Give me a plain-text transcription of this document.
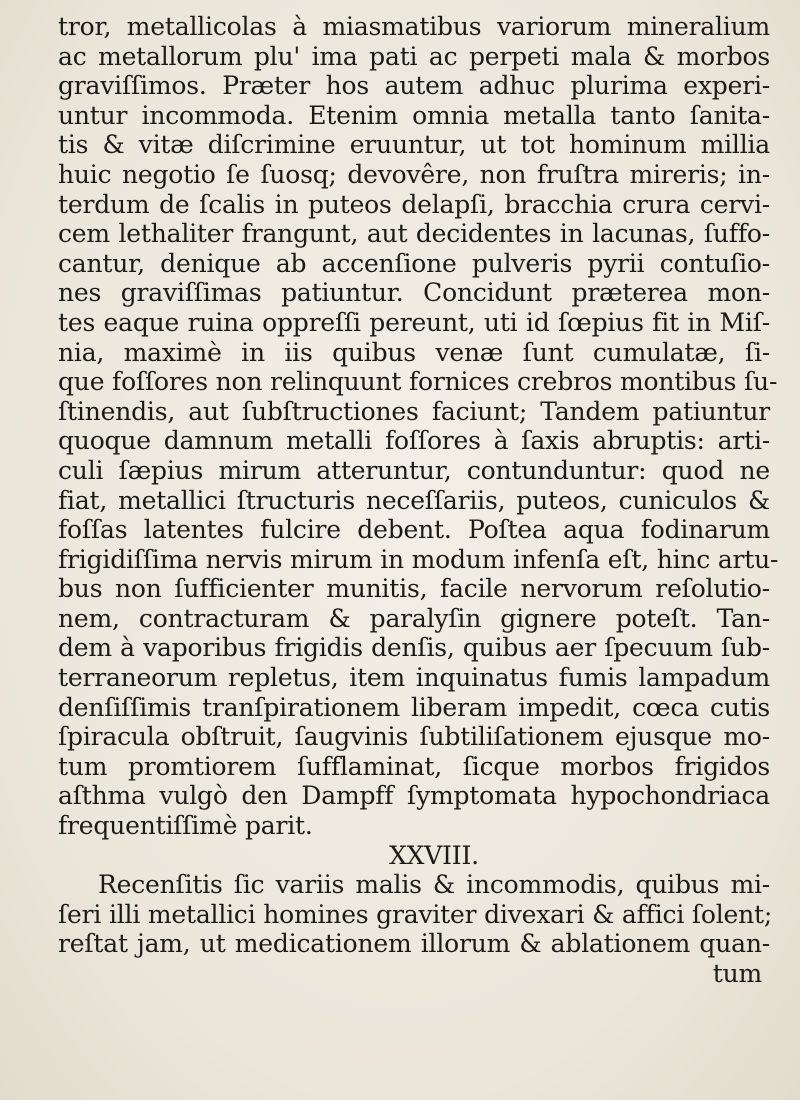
tror, metallicolas à miasmatibus variorum mineralium
ac metallorum plu' ima pati ac perpeti mala & morbos
graviſſimos. Præter hos autem adhuc plurima experi-
untur incommoda. Etenim omnia metalla tanto ſanita-
tis & vitæ diſcrimine eruuntur, ut tot hominum millia
huic negotio ſe ſuosq; devovêre, non fruſtra mireris; in-
terdum de ſcalis in puteos delapſi, bracchia crura cervi-
cem lethaliter frangunt, aut decidentes in lacunas, ſuffo-
cantur, denique ab accenſione pulveris pyrii contuſio-
nes graviſſimas patiuntur. Concidunt præterea mon-
tes eaque ruina oppreſſi pereunt, uti id ſœpius fit in Miſ-
nia, maximè in iis quibus venæ ſunt cumulatæ, ſi-
que foſſores non relinquunt fornices crebros montibus ſu-
ſtinendis, aut ſubſtructiones faciunt; Tandem patiuntur
quoque damnum metalli foſſores à ſaxis abruptis: arti-
culi ſæpius mirum atteruntur, contunduntur: quod ne
fiat, metallici ſtructuris neceſſariis, puteos, cuniculos &
foſſas latentes fulcire debent. Poſtea aqua fodinarum
frigidiſſima nervis mirum in modum infenſa eſt, hinc artu-
bus non ſufficienter munitis, facile nervorum reſolutio-
nem, contracturam & paralyſin gignere poteſt. Tan-
dem à vaporibus frigidis denſis, quibus aer ſpecuum ſub-
terraneorum repletus, item inquinatus fumis lampadum
denſiſſimis tranſpirationem liberam impedit, cœca cutis
ſpiracula obſtruit, ſaugvinis ſubtiliſationem ejusque mo-
tum promtiorem ſufflaminat, ſicque morbos frigidos
aſthma vulgò den Dampff ſymptomata hypochondriaca
frequentiſſimè parit.
XXVIII.
Recenſitis ſic variis malis & incommodis, quibus mi-
ſeri illi metallici homines graviter divexari & affici ſolent;
reſtat jam, ut medicationem illorum & ablationem quan-
tum
